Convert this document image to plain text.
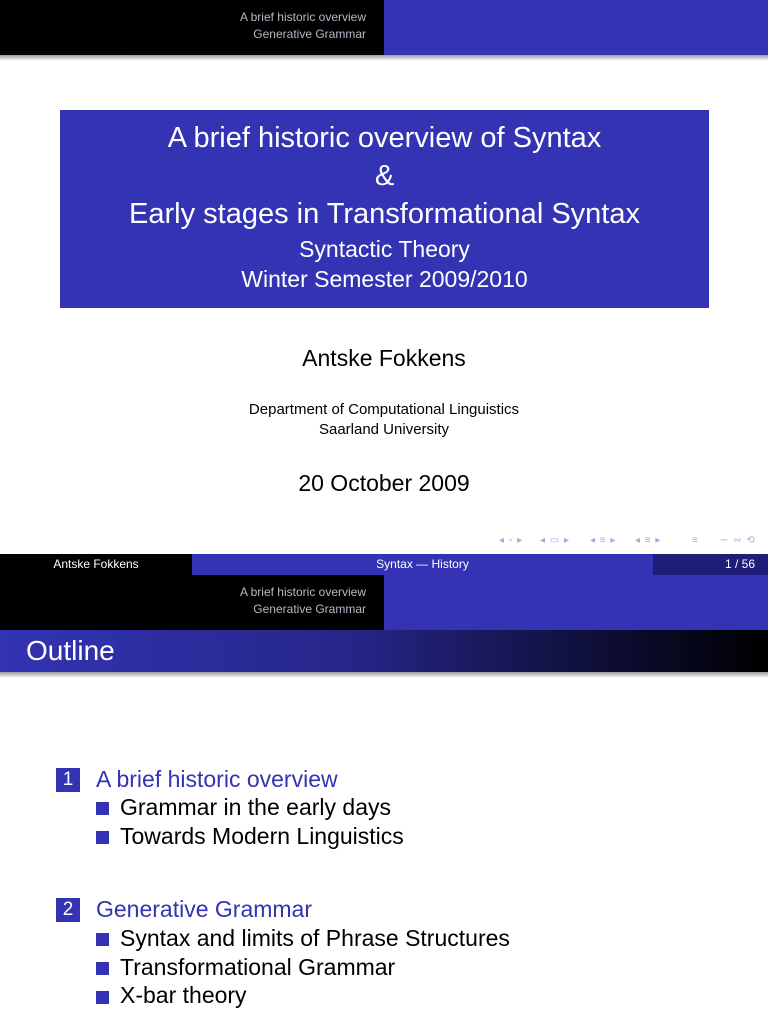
A brief historic overview
Generative Grammar
A brief historic overview of Syntax
&
Early stages in Transformational Syntax
Syntactic Theory
Winter Semester 2009/2010
Antske Fokkens
Department of Computational Linguistics
Saarland University
20 October 2009
◂ ▫ ▸ ◂ ▭ ▸ ◂ ≡ ▸ ◂ ≡ ▸	≡ ∽ ∾ ⟲
Antske Fokkens	Syntax — History	1 / 56
A brief historic overview
Generative Grammar
Outline
1 A brief historic overview
Grammar in the early days
Towards Modern Linguistics
2 Generative Grammar
Syntax and limits of Phrase Structures
Transformational Grammar
X-bar theory
